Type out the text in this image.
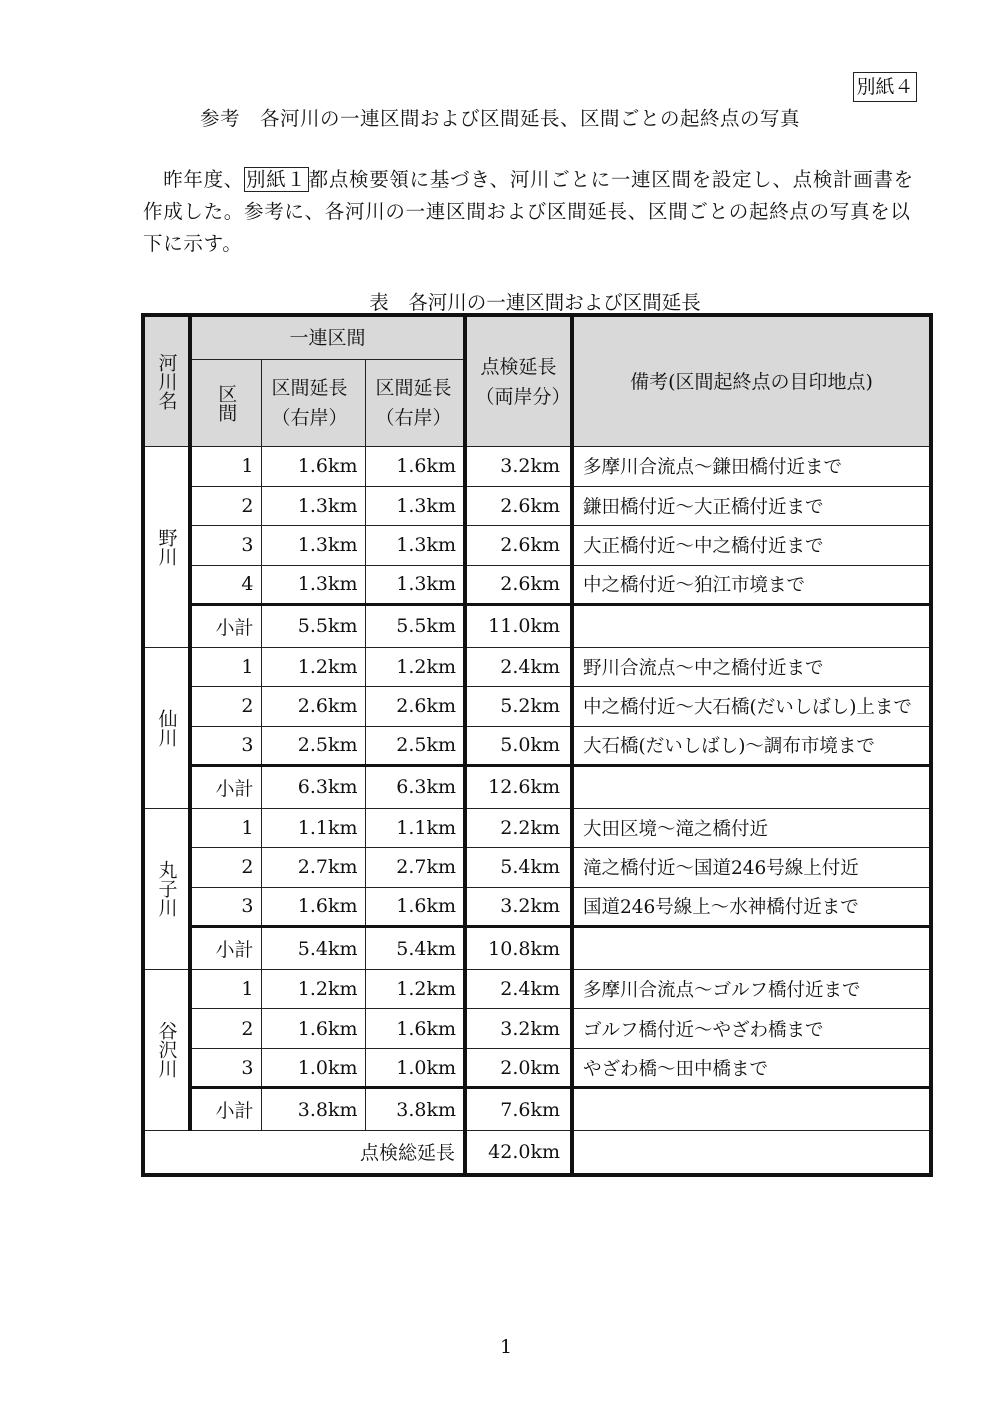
別紙４
参考　各河川の一連区間および区間延長、区間ごとの起終点の写真
　昨年度、 別紙１ 都点検要領に基づき、河川ごとに一連区間を設定し、点検計画書を
作成した。参考に、各河川の一連区間および区間延長、区間ごとの起終点の写真を以
下に示す。
表　各河川の一連区間および区間延長
河川名	一連区間			点検延長（両岸分）	備考(区間起終点の目印地点)

	区間	区間延長（右岸）	区間延長（右岸）		

野川	1	1.6km	1.6km	3.2km	多摩川合流点～鎌田橋付近まで
	2	1.3km	1.3km	2.6km	鎌田橋付近～大正橋付近まで
	3	1.3km	1.3km	2.6km	大正橋付近～中之橋付近まで
	4	1.3km	1.3km	2.6km	中之橋付近～狛江市境まで
	小計	5.5km	5.5km	11.0km	

仙川	1	1.2km	1.2km	2.4km	野川合流点～中之橋付近まで
	2	2.6km	2.6km	5.2km	中之橋付近～大石橋(だいしばし)上まで
	3	2.5km	2.5km	5.0km	大石橋(だいしばし)～調布市境まで
	小計	6.3km	6.3km	12.6km	

丸子川	1	1.1km	1.1km	2.2km	大田区境～滝之橋付近
	2	2.7km	2.7km	5.4km	滝之橋付近～国道246号線上付近
	3	1.6km	1.6km	3.2km	国道246号線上～水神橋付近まで
	小計	5.4km	5.4km	10.8km	

谷沢川	1	1.2km	1.2km	2.4km	多摩川合流点～ゴルフ橋付近まで
	2	1.6km	1.6km	3.2km	ゴルフ橋付近～やざわ橋まで
	3	1.0km	1.0km	2.0km	やざわ橋～田中橋まで
	小計	3.8km	3.8km	7.6km	
点検総延長				42.0km	
1
